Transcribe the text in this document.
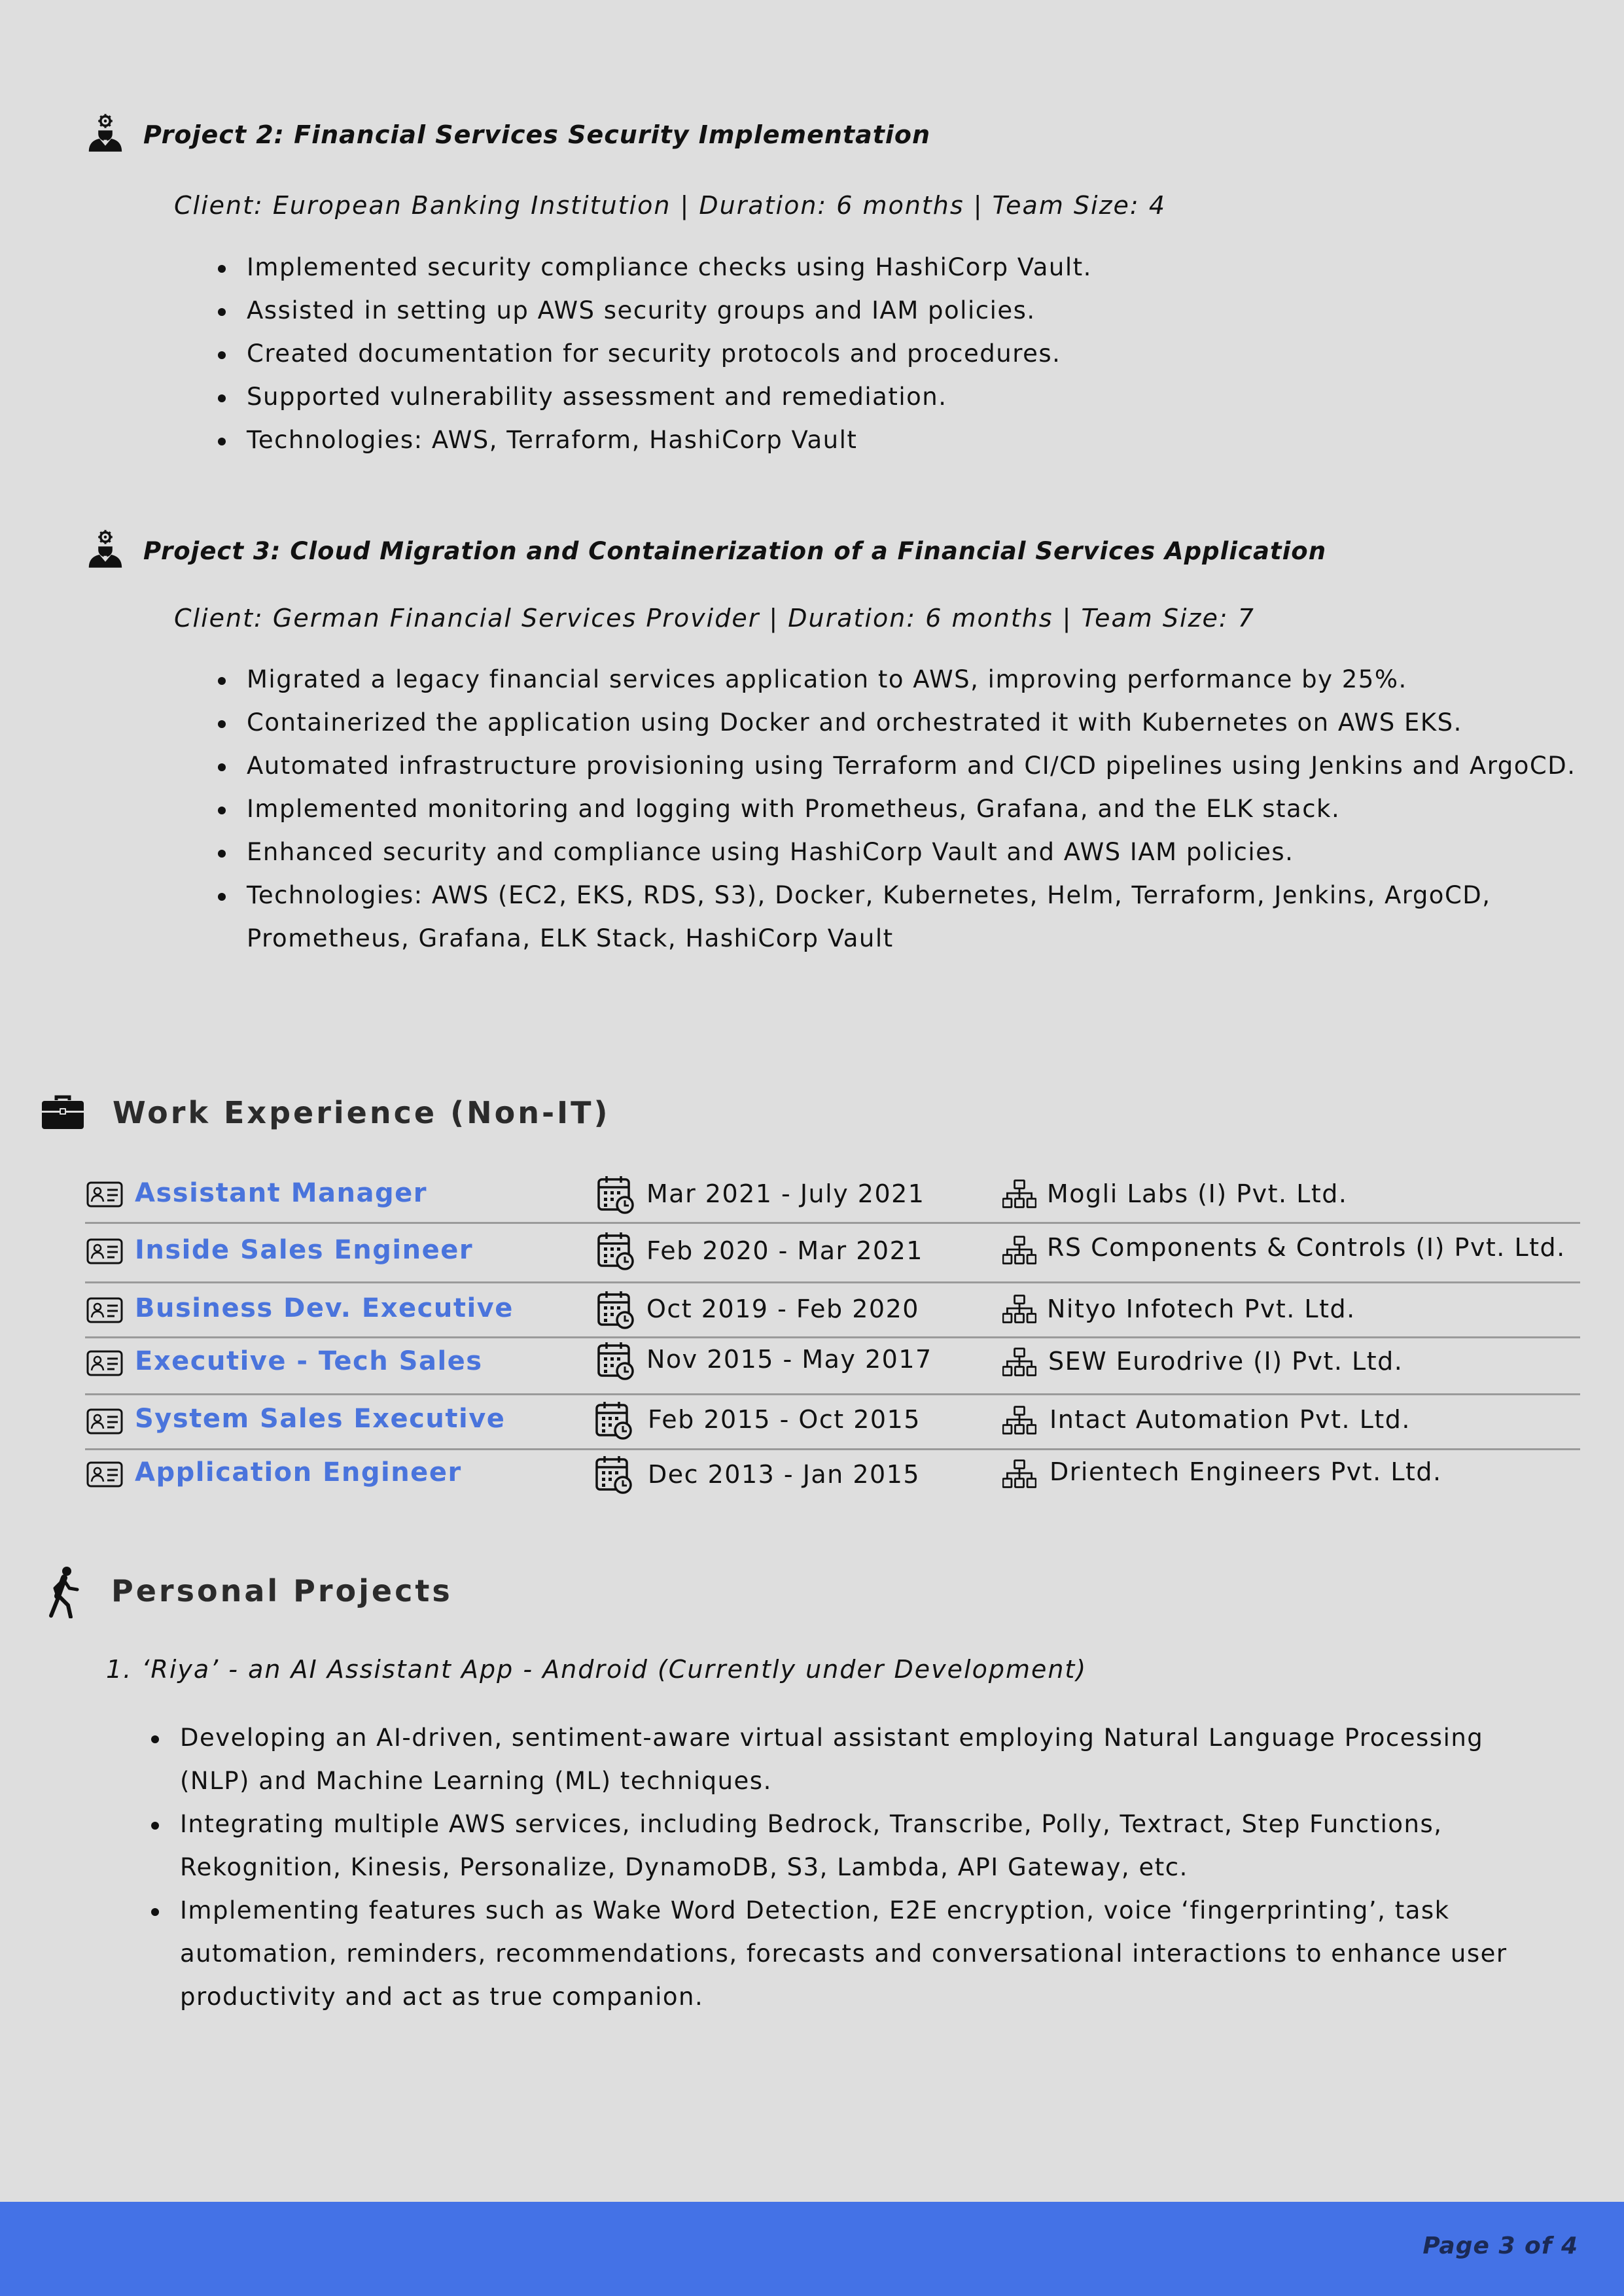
Project 2: Financial Services Security Implementation
Client: European Banking Institution | Duration: 6 months | Team Size: 4
Implemented security compliance checks using HashiCorp Vault.
Assisted in setting up AWS security groups and IAM policies.
Created documentation for security protocols and procedures.
Supported vulnerability assessment and remediation.
Technologies: AWS, Terraform, HashiCorp Vault
Project 3: Cloud Migration and Containerization of a Financial Services Application
Client: German Financial Services Provider | Duration: 6 months | Team Size: 7
Migrated a legacy financial services application to AWS, improving performance by 25%.
Containerized the application using Docker and orchestrated it with Kubernetes on AWS EKS.
Automated infrastructure provisioning using Terraform and CI/CD pipelines using Jenkins and ArgoCD.
Implemented monitoring and logging with Prometheus, Grafana, and the ELK stack.
Enhanced security and compliance using HashiCorp Vault and AWS IAM policies.
Technologies: AWS (EC2, EKS, RDS, S3), Docker, Kubernetes, Helm, Terraform, Jenkins, ArgoCD, Prometheus, Grafana, ELK Stack, HashiCorp Vault
Work Experience (Non-IT)
Assistant Manager	Mar 2021 - July 2021	Mogli Labs (I) Pvt. Ltd.
Inside Sales Engineer	Feb 2020 - Mar 2021	RS Components & Controls (I) Pvt. Ltd.
Business Dev. Executive	Oct 2019 - Feb 2020	Nityo Infotech Pvt. Ltd.
Executive - Tech Sales	Nov 2015 - May 2017	SEW Eurodrive (I) Pvt. Ltd.
System Sales Executive	Feb 2015 - Oct 2015	Intact Automation Pvt. Ltd.
Application Engineer	Dec 2013 - Jan 2015	Drientech Engineers Pvt. Ltd.
Personal Projects
1. ‘Riya’ - an AI Assistant App - Android (Currently under Development)
Developing an AI-driven, sentiment-aware virtual assistant employing Natural Language Processing (NLP) and Machine Learning (ML) techniques.
Integrating multiple AWS services, including Bedrock, Transcribe, Polly, Textract, Step Functions, Rekognition, Kinesis, Personalize, DynamoDB, S3, Lambda, API Gateway, etc.
Implementing features such as Wake Word Detection, E2E encryption, voice ‘fingerprinting’, task automation, reminders, recommendations, forecasts and conversational interactions to enhance user productivity and act as true companion.
Page 3 of 4
